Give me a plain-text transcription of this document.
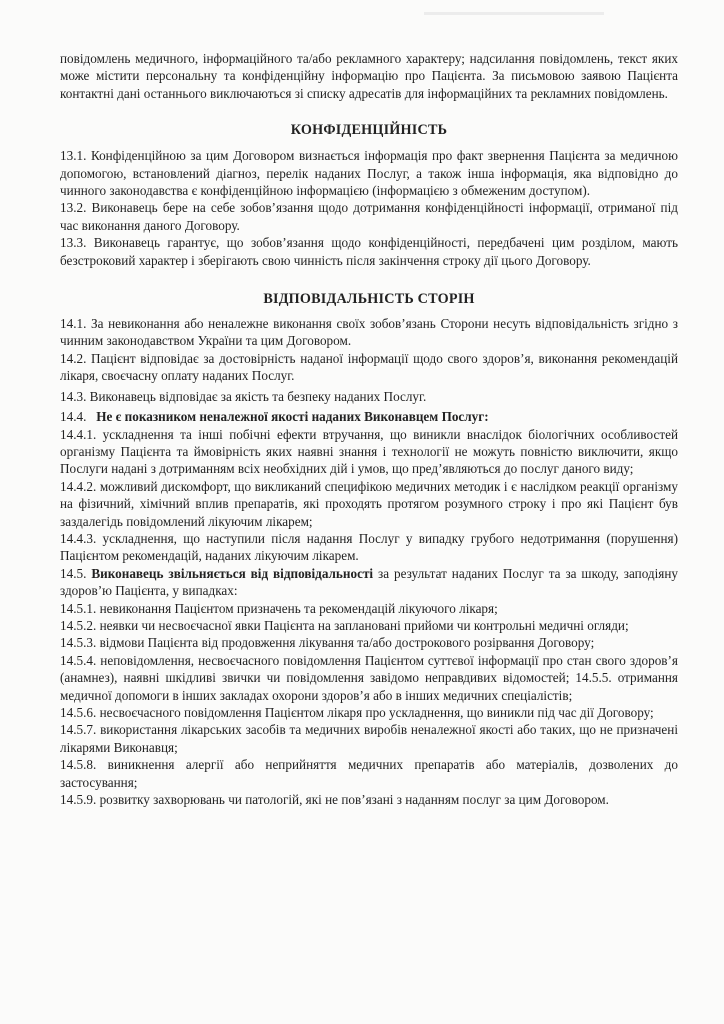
повідомлень медичного, інформаційного та/або рекламного характеру; надсилання повідомлень, текст яких може містити персональну та конфіденційну інформацію про Пацієнта. За письмовою заявою Пацієнта контактні дані останнього виключаються зі списку адресатів для інформаційних та рекламних повідомлень.

КОНФІДЕНЦІЙНІСТЬ

13.1. Конфіденційною за цим Договором визнається інформація про факт звернення Пацієнта за медичною допомогою, встановлений діагноз, перелік наданих Послуг, а також інша інформація, яка відповідно до чинного законодавства є конфіденційною інформацією (інформацією з обмеженим доступом).

13.2. Виконавець бере на себе зобов’язання щодо дотримання конфіденційності інформації, отриманої під час виконання даного Договору.

13.3. Виконавець гарантує, що зобов’язання щодо конфіденційності, передбачені цим розділом, мають безстроковий характер і зберігають свою чинність після закінчення строку дії цього Договору.

ВІДПОВІДАЛЬНІСТЬ СТОРІН

14.1. За невиконання або неналежне виконання своїх зобов’язань Сторони несуть відповідальність згідно з чинним законодавством України та цим Договором.

14.2. Пацієнт відповідає за достовірність наданої інформації щодо свого здоров’я, виконання рекомендацій лікаря, своєчасну оплату наданих Послуг.

14.3. Виконавець відповідає за якість та безпеку наданих Послуг.

14.4.   Не є показником неналежної якості наданих Виконавцем Послуг:

14.4.1. ускладнення та інші побічні ефекти втручання, що виникли внаслідок біологічних особливостей організму Пацієнта та ймовірність яких наявні знання і технології не можуть повністю виключити, якщо Послуги надані з дотриманням всіх необхідних дій і умов, що пред’являються до послуг даного виду;

14.4.2. можливий дискомфорт, що викликаний специфікою медичних методик і є наслідком реакції організму на фізичний, хімічний вплив препаратів, які проходять протягом розумного строку і про які Пацієнт був заздалегідь повідомлений лікуючим лікарем;

14.4.3. ускладнення, що наступили після надання Послуг у випадку грубого недотримання (порушення) Пацієнтом рекомендацій, наданих лікуючим лікарем.

14.5. Виконавець звільняється від відповідальності за результат наданих Послуг та за шкоду, заподіяну здоров’ю Пацієнта, у випадках:

14.5.1. невиконання Пацієнтом призначень та рекомендацій лікуючого лікаря;

14.5.2. неявки чи несвоєчасної явки Пацієнта на заплановані прийоми чи контрольні медичні огляди;

14.5.3. відмови Пацієнта від продовження лікування та/або дострокового розірвання Договору;

14.5.4. неповідомлення, несвоєчасного повідомлення Пацієнтом суттєвої інформації про стан свого здоров’я (анамнез), наявні шкідливі звички чи повідомлення завідомо неправдивих відомостей; 14.5.5. отримання медичної допомоги в інших закладах охорони здоров’я або в інших медичних спеціалістів;

14.5.6. несвоєчасного повідомлення Пацієнтом лікаря про ускладнення, що виникли під час дії Договору;

14.5.7. використання лікарських засобів та медичних виробів неналежної якості або таких, що не призначені лікарями Виконавця;

14.5.8. виникнення алергії або неприйняття медичних препаратів або матеріалів, дозволених до застосування;

14.5.9. розвитку захворювань чи патологій, які не пов’язані з наданням послуг за цим Договором.
